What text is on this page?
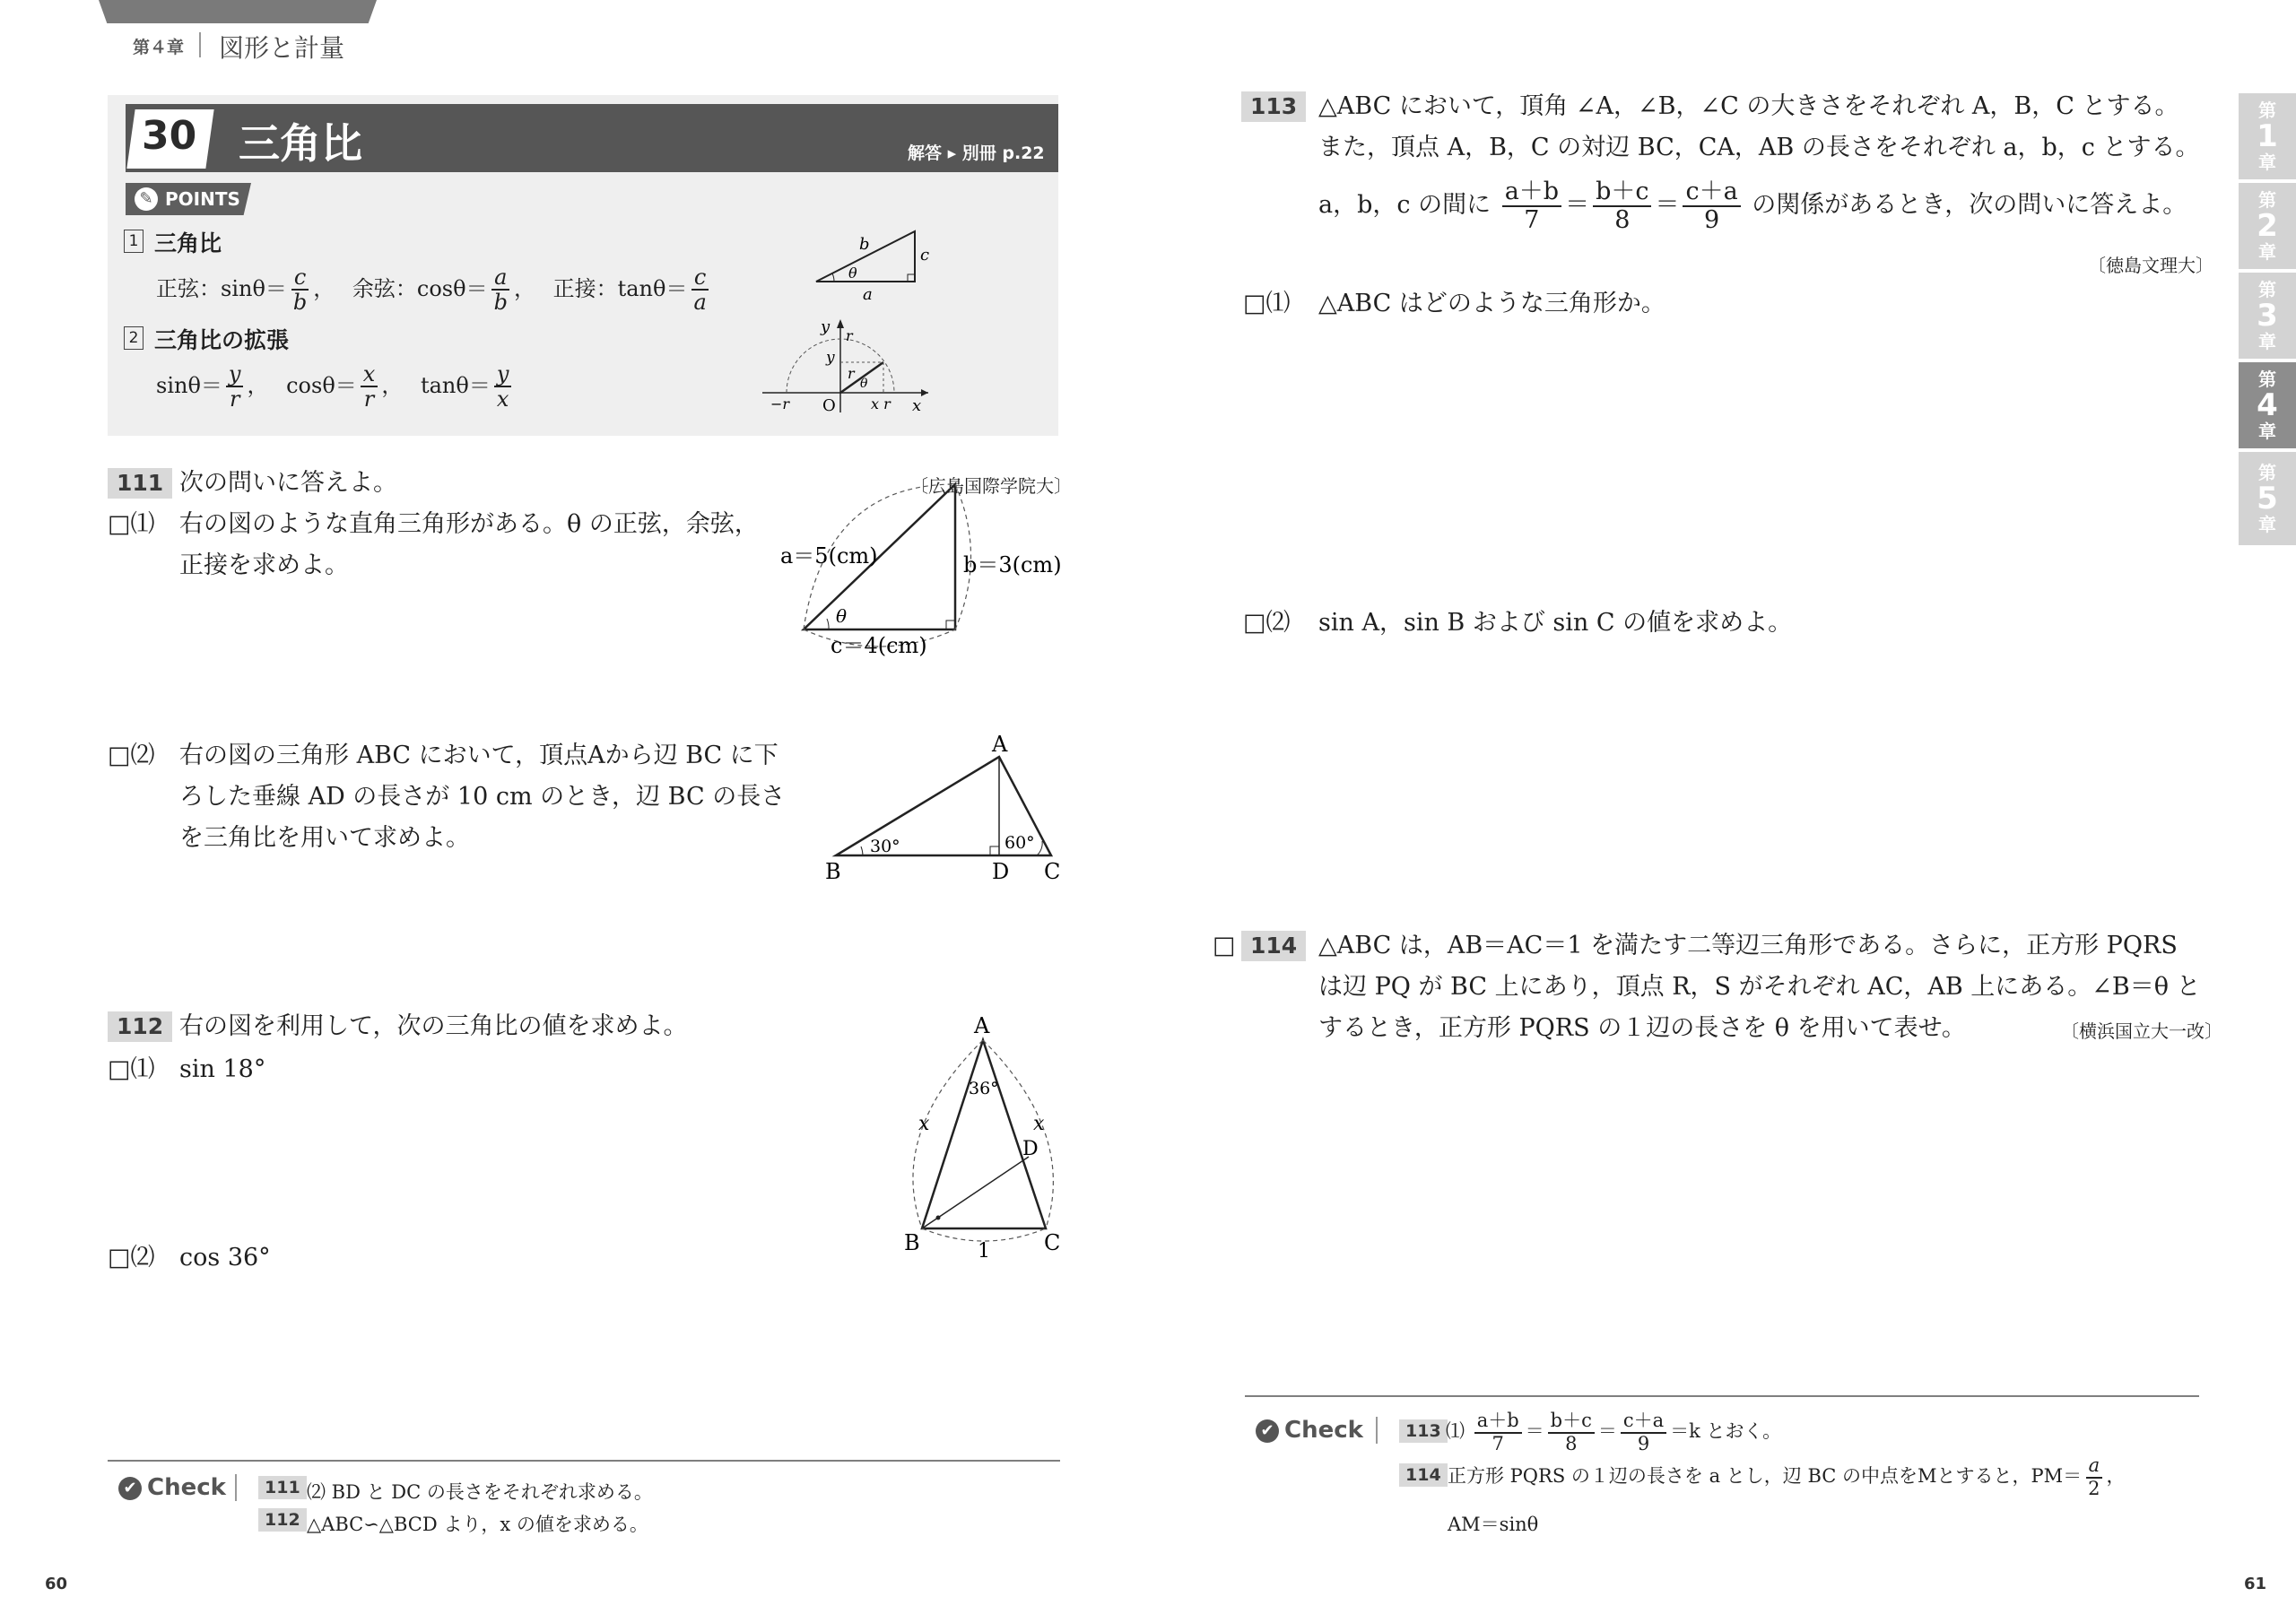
第４章 図形と計量
30 三角比	解答 ▸ 別冊 p.22
✎ POINTS
1 三角比
正弦：$\sin\theta= \frac{c}{b}$ ，　 余弦：$\cos\theta= \frac{a}{b}$ ，　 正接：$\tan\theta= \frac{c}{a}$
2 三角比の拡張
$\sin\theta= \frac{y}{r}$ ，　 $\cos\theta= \frac{x}{r}$ ，　 $\tan\theta= \frac{y}{x}$
b
c
a
θ
y r
y
r
θ
−r O x r x
111 次の問いに答えよ。	〔広島国際学院大〕
□⑴ 右の図のような直角三角形がある。θ の正弦，余弦，
正接を求めよ。	a＝5(cm)	b＝3(cm)
c＝4(cm)
θ
□⑵ 右の図の三角形 ABC において，頂点Aから辺 BC に下
ろした垂線 AD の長さが 10 cm のとき，辺 BC の長さ
を三角比を用いて求めよ。
A
B	D C
30°	60°
112 右の図を利用して，次の三角比の値を求めよ。
□⑴ sin 18°
□⑵ cos 36°
A
B	C
D
36°
x	x
1
✔ Check	111 ⑵ BD と DC の長さをそれぞれ求める。
112 △ABC∽△BCD より，x の値を求める。
60
113 △ABC において，頂角 ∠A，∠B，∠C の大きさをそれぞれ A，B，C とする。
また，頂点 A，B，C の対辺 BC，CA，AB の長さをそれぞれ a，b，c とする。
a，b，c の間に $\frac{a+b}{7} = \frac{b+c}{8} = \frac{c+a}{9}$ の関係があるとき，次の問いに答えよ。
〔徳島文理大〕
□⑴ △ABC はどのような三角形か。
□⑵ sin A，sin B および sin C の値を求めよ。
□ 114 △ABC は，AB＝AC＝1 を満たす二等辺三角形である。さらに，正方形 PQRS
は辺 PQ が BC 上にあり，頂点 R，S がそれぞれ AC，AB 上にある。∠B＝θ と
するとき，正方形 PQRS の１辺の長さを θ を用いて表せ。	〔横浜国立大一改〕
✔ Check	113 ⑴ $\frac{a+b}{7} = \frac{b+c}{8} = \frac{c+a}{9} =k$ とおく。
114 正方形 PQRS の１辺の長さを a とし，辺 BC の中点をMとすると，$PM= \frac{a}{2}$ ，
AM＝sinθ
61
第
1
章
第
2
章
第
3
章
第
4
章
第
5
章
